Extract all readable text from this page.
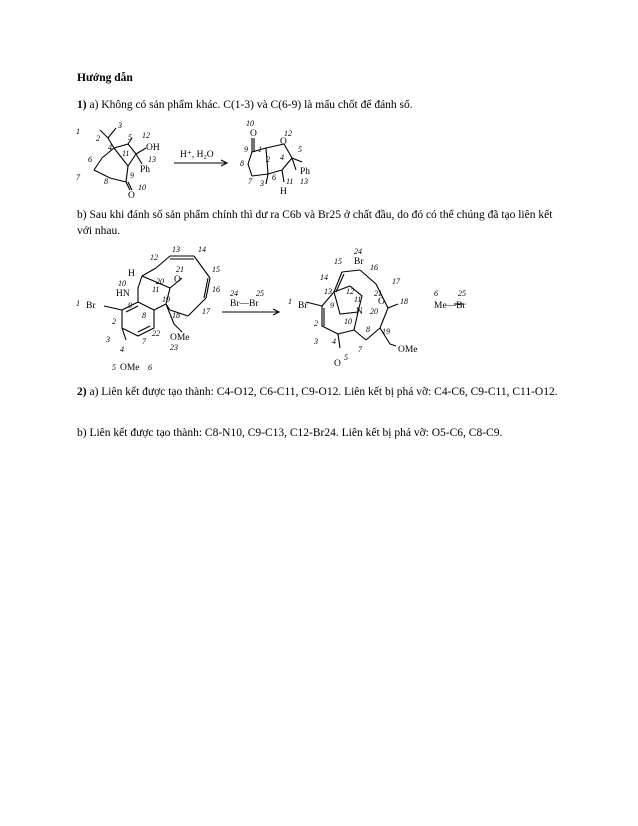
Hướng dẫn
1) a) Không có sản phẩm khác. C(1-3) và C(6-9) là mấu chốt để đánh số.
1
2
3
4
5
6
7	8
9
10
11
12
13
OH
Ph
O
H⁺, H₂O
10
O	12
O
9
8
1
2 4
5
7 3
6 11 13
Ph
H
b) Sau khi đánh số sản phẩm chính thì dư ra C6b và Br25 ở chất đầu, do đó có thể chúng đã tạo liên kết với nhau.
H
10
HN	11
20 O
21
12
13 14
15
16
17
18
19
22 OMe
23
1 Br
2
3
4
5 OMe 6
7
8
9
24 25
Br—Br
24
Br
15
16
14	17
13 12	21
O
11	18
9
N 20
10
8 19
1 Br
2
3 4
7
O
5
OMe
6	25
Me—Br
2) a) Liên kết được tạo thành: C4-O12, C6-C11, C9-O12. Liên kết bị phá vỡ: C4-C6, C9-C11, C11-O12.
b) Liên kết được tạo thành: C8-N10, C9-C13, C12-Br24. Liên kết bị phá vỡ: O5-C6, C8-C9.
